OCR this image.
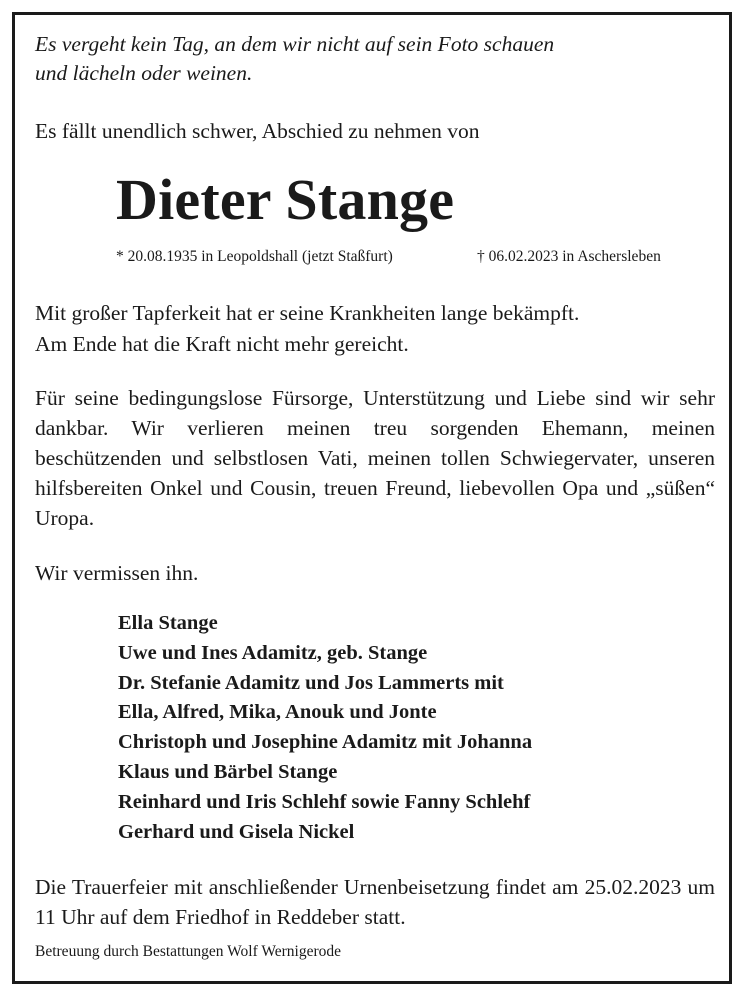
Es vergeht kein Tag, an dem wir nicht auf sein Foto schauen
und lächeln oder weinen.
Es fällt unendlich schwer, Abschied zu nehmen von
Dieter Stange
* 20.08.1935 in Leopoldshall (jetzt Staßfurt)	† 06.02.2023 in Aschersleben
Mit großer Tapferkeit hat er seine Krankheiten lange bekämpft.
Am Ende hat die Kraft nicht mehr gereicht.
Für seine bedingungslose Fürsorge, Unterstützung und Liebe sind wir sehr dankbar. Wir verlieren meinen treu sorgenden Ehemann, meinen beschützenden und selbstlosen Vati, meinen tollen Schwiegervater, unseren hilfsbereiten Onkel und Cousin, treuen Freund, liebevollen Opa und „süßen“ Uropa.
Wir vermissen ihn.
Ella Stange
Uwe und Ines Adamitz, geb. Stange
Dr. Stefanie Adamitz und Jos Lammerts mit
Ella, Alfred, Mika, Anouk und Jonte
Christoph und Josephine Adamitz mit Johanna
Klaus und Bärbel Stange
Reinhard und Iris Schlehf sowie Fanny Schlehf
Gerhard und Gisela Nickel
Die Trauerfeier mit anschließender Urnenbeisetzung findet am 25.02.2023 um 11 Uhr auf dem Friedhof in Reddeber statt.
Betreuung durch Bestattungen Wolf Wernigerode
